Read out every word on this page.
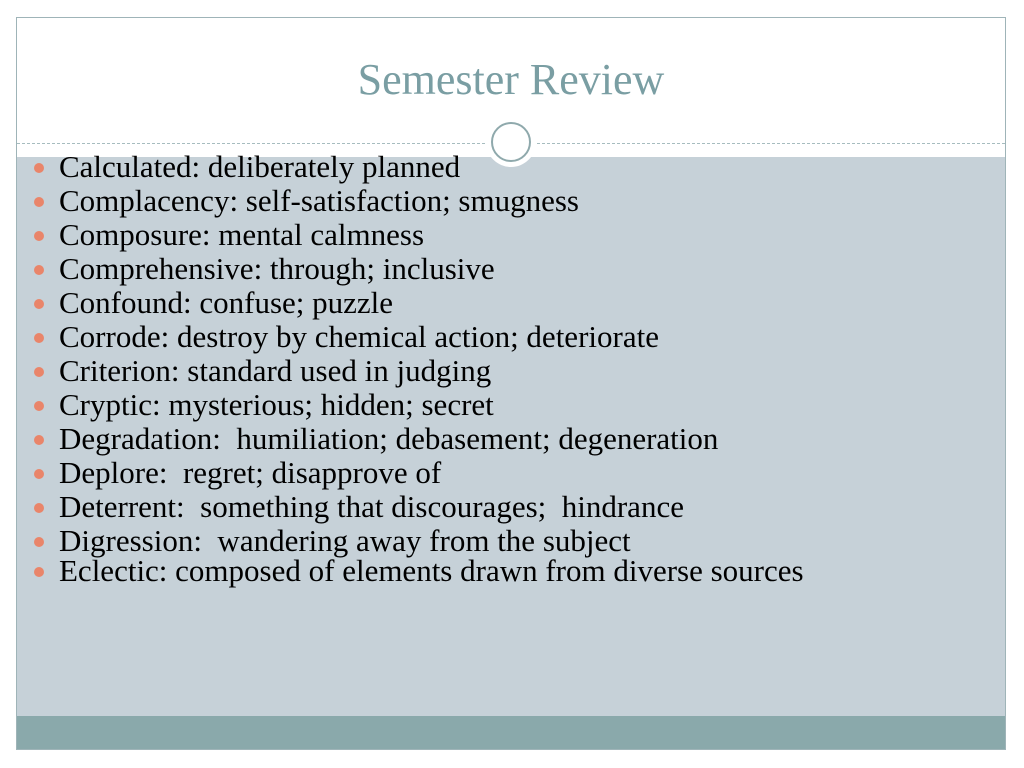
Semester Review
Calculated: deliberately planned
Complacency: self-satisfaction; smugness
Composure: mental calmness
Comprehensive: through; inclusive
Confound: confuse; puzzle
Corrode: destroy by chemical action; deteriorate
Criterion: standard used in judging
Cryptic: mysterious; hidden; secret
Degradation:  humiliation; debasement; degeneration
Deplore:  regret; disapprove of
Deterrent:  something that discourages;  hindrance
Digression:  wandering away from the subject
Eclectic: composed of elements drawn from diverse sources
